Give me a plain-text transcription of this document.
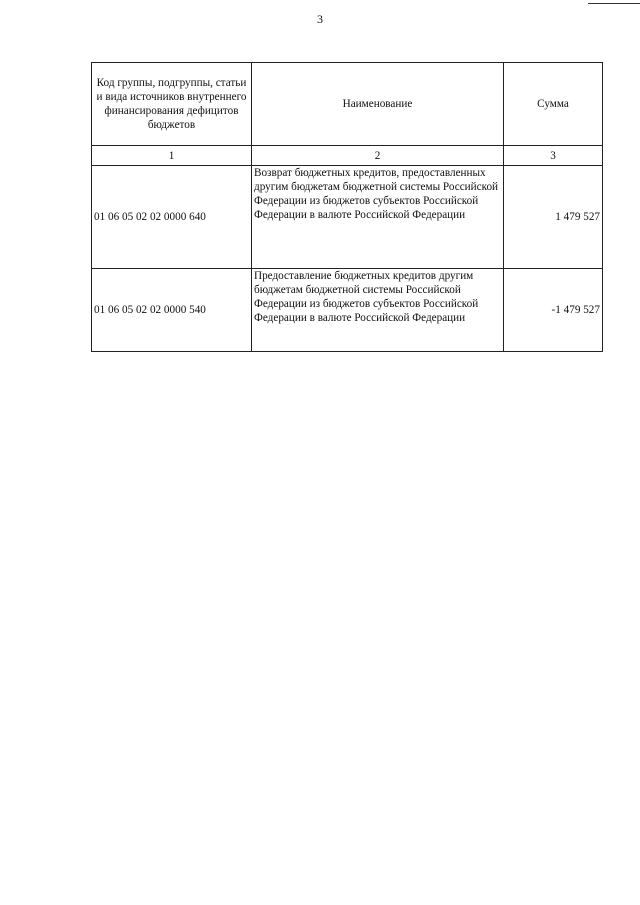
3
Код группы, подгруппы, статьи и вида источников внутреннего финансирования дефицитов бюджетов	Наименование	Сумма
1	2	3
01 06 05 02 02 0000 640	Возврат бюджетных кредитов, предоставленных другим бюджетам бюджетной системы Российской Федерации из бюджетов субъектов Российской Федерации в валюте Российской Федерации	1 479 527
01 06 05 02 02 0000 540	Предоставление бюджетных кредитов другим бюджетам бюджетной системы Российской Федерации из бюджетов субъектов Российской Федерации в валюте Российской Федерации	-1 479 527
